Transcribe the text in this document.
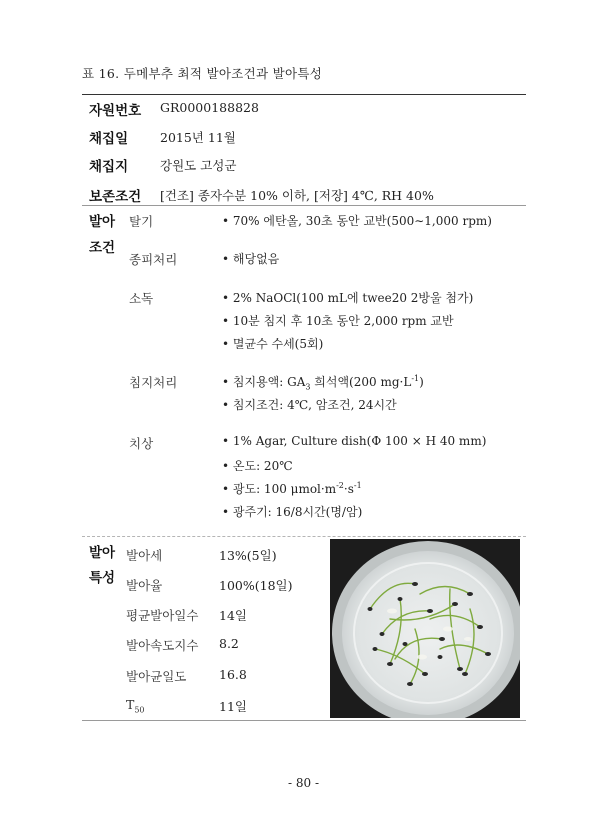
표 16. 두메부추 최적 발아조건과 발아특성
자원번호 GR0000188828
채집일	2015년 11월
채집지	강원도 고성군
보존조건 [건조] 종자수분 10% 이하, [저장] 4℃, RH 40%
발아
조건
탈기	• 70% 에탄올, 30초 동안 교반(500∼1,000 rpm)
종피처리	• 해당없음
소독	• 2% NaOCl(100 mL에 twee20 2방울 첨가)
• 10분 침지 후 10초 동안 2,000 rpm 교반
• 멸균수 수세(5회)
침지처리	• 침지용액: $GA_3$ 희석액(200 $mg\cdot L^{-1}$)
• 침지조건: 4℃, 암조건, 24시간
치상	• 1% Agar, Culture dish(Φ 100 × H 40 mm)
• 온도: 20℃
• 광도: 100 $\mu mol\cdot m^{-2}\cdot s^{-1}$
• 광주기: 16/8시간(명/암)
발아
특성
발아세	13%(5일)
발아율	100%(18일)
평균발아일수 14일
발아속도지수 8.2
발아균일도	16.8
$T_{50}$	11일
- 80 -
